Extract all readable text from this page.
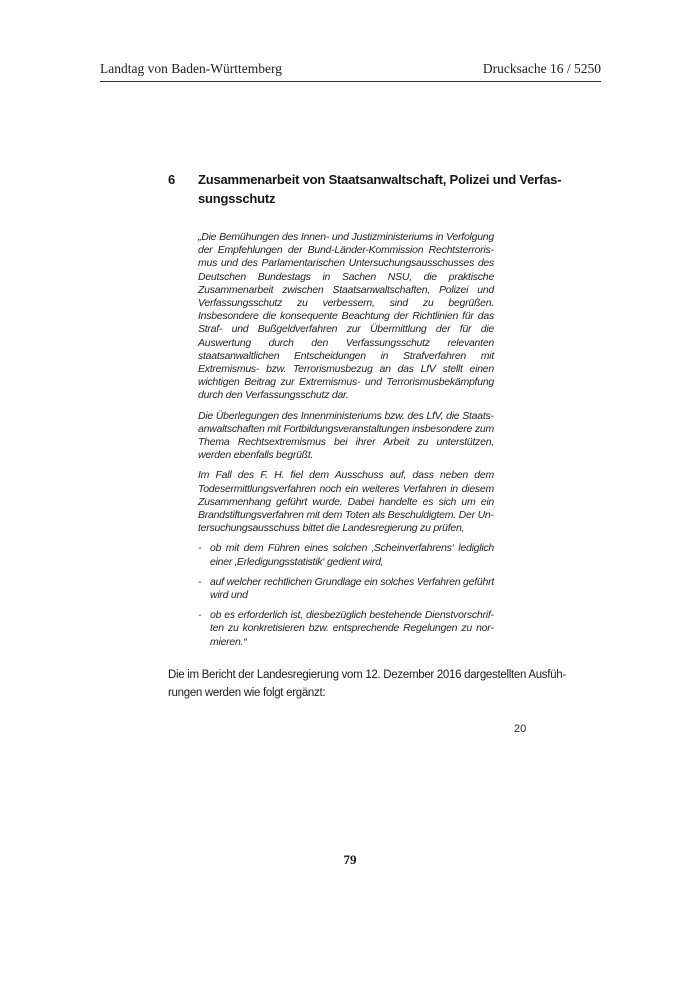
Landtag von Baden-Württemberg	Drucksache 16 / 5250
6	Zusammenarbeit von Staatsanwaltschaft, Polizei und Verfas-
sungsschutz

„Die Bemühungen des Innen- und Justizministeriums in Verfolgung der Empfehlungen der Bund-Länder-Kommission Rechtsterrorismus und des Parlamentarischen Untersuchungsausschusses des Deutschen Bundestags in Sachen NSU, die praktische Zusammenarbeit zwischen Staatsanwaltschaften, Polizei und Verfassungsschutz zu verbessern, sind zu begrüßen. Insbesondere die konsequente Beachtung der Richtlinien für das Straf- und Bußgeldverfahren zur Übermittlung der für die Auswertung durch den Verfassungsschutz relevanten staatsanwaltlichen Entscheidungen in Strafverfahren mit Extremismus- bzw. Terrorismusbezug an das LfV stellt einen wichtigen Beitrag zur Extremismus- und Terrorismusbekämpfung durch den Verfassungsschutz dar.

Die Überlegungen des Innenministeriums bzw. des LfV, die Staatsanwaltschaften mit Fortbildungsveranstaltungen insbesondere zum Thema Rechtsextremismus bei ihrer Arbeit zu unterstützen, werden ebenfalls begrüßt.

Im Fall des F. H. fiel dem Ausschuss auf, dass neben dem Todesermittlungsverfahren noch ein weiteres Verfahren in diesem Zusammenhang geführt wurde. Dabei handelte es sich um ein Brandstiftungsverfahren mit dem Toten als Beschuldigtem. Der Untersuchungsausschuss bittet die Landesregierung zu prüfen,

- ob mit dem Führen eines solchen ‚Scheinverfahrens‘ lediglich einer ‚Erledigungsstatistik‘ gedient wird,
- auf welcher rechtlichen Grundlage ein solches Verfahren geführt wird und
- ob es erforderlich ist, diesbezüglich bestehende Dienstvorschriften zu konkretisieren bzw. entsprechende Regelungen zu normieren.“

Die im Bericht der Landesregierung vom 12. Dezember 2016 dargestellten Ausführungen werden wie folgt ergänzt:

20
79
